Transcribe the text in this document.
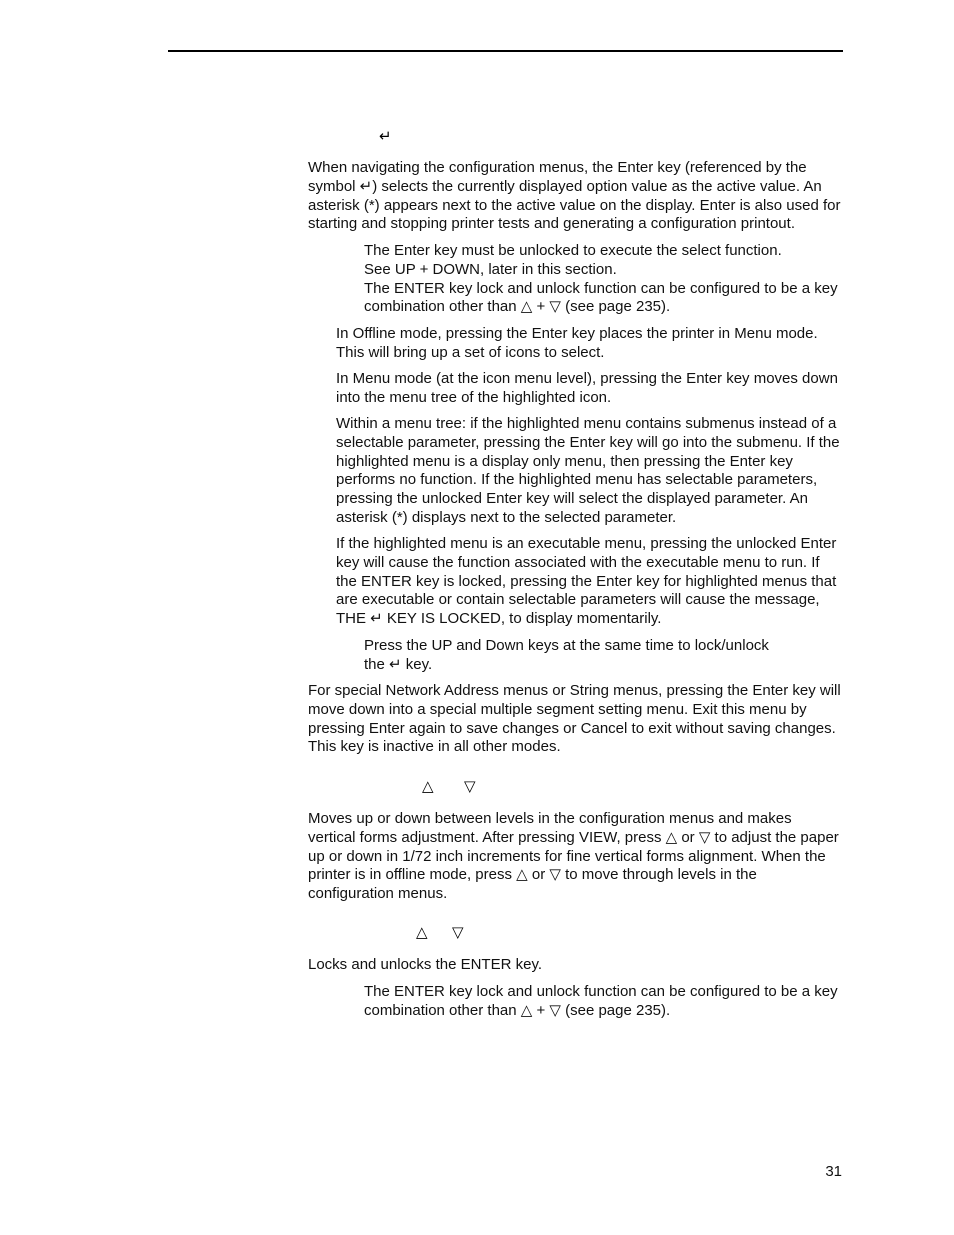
↵

When navigating the configuration menus, the Enter key (referenced by the symbol ↵) selects the currently displayed option value as the active value. An asterisk (*) appears next to the active value on the display. Enter is also used for starting and stopping printer tests and generating a configuration printout.

The Enter key must be unlocked to execute the select function.
See UP + DOWN, later in this section.
The ENTER key lock and unlock function can be configured to be a key combination other than △ + ▽ (see page 235).

In Offline mode, pressing the Enter key places the printer in Menu mode. This will bring up a set of icons to select.

In Menu mode (at the icon menu level), pressing the Enter key moves down into the menu tree of the highlighted icon.

Within a menu tree: if the highlighted menu contains submenus instead of a selectable parameter, pressing the Enter key will go into the submenu. If the highlighted menu is a display only menu, then pressing the Enter key performs no function. If the highlighted menu has selectable parameters, pressing the unlocked Enter key will select the displayed parameter. An asterisk (*) displays next to the selected parameter.

If the highlighted menu is an executable menu, pressing the unlocked Enter key will cause the function associated with the executable menu to run. If the ENTER key is locked, pressing the Enter key for highlighted menus that are executable or contain selectable parameters will cause the message, THE ↵ KEY IS LOCKED, to display momentarily.

Press the UP and Down keys at the same time to lock/unlock
the ↵ key.

For special Network Address menus or String menus, pressing the Enter key will move down into a special multiple segment setting menu. Exit this menu by pressing Enter again to save changes or Cancel to exit without saving changes. This key is inactive in all other modes.

△ ▽

Moves up or down between levels in the configuration menus and makes vertical forms adjustment. After pressing VIEW, press △ or ▽ to adjust the paper up or down in 1/72 inch increments for fine vertical forms alignment. When the printer is in offline mode, press △ or ▽ to move through levels in the configuration menus.

△ ▽

Locks and unlocks the ENTER key.

The ENTER key lock and unlock function can be configured to be a key combination other than △ + ▽ (see page 235).

31
